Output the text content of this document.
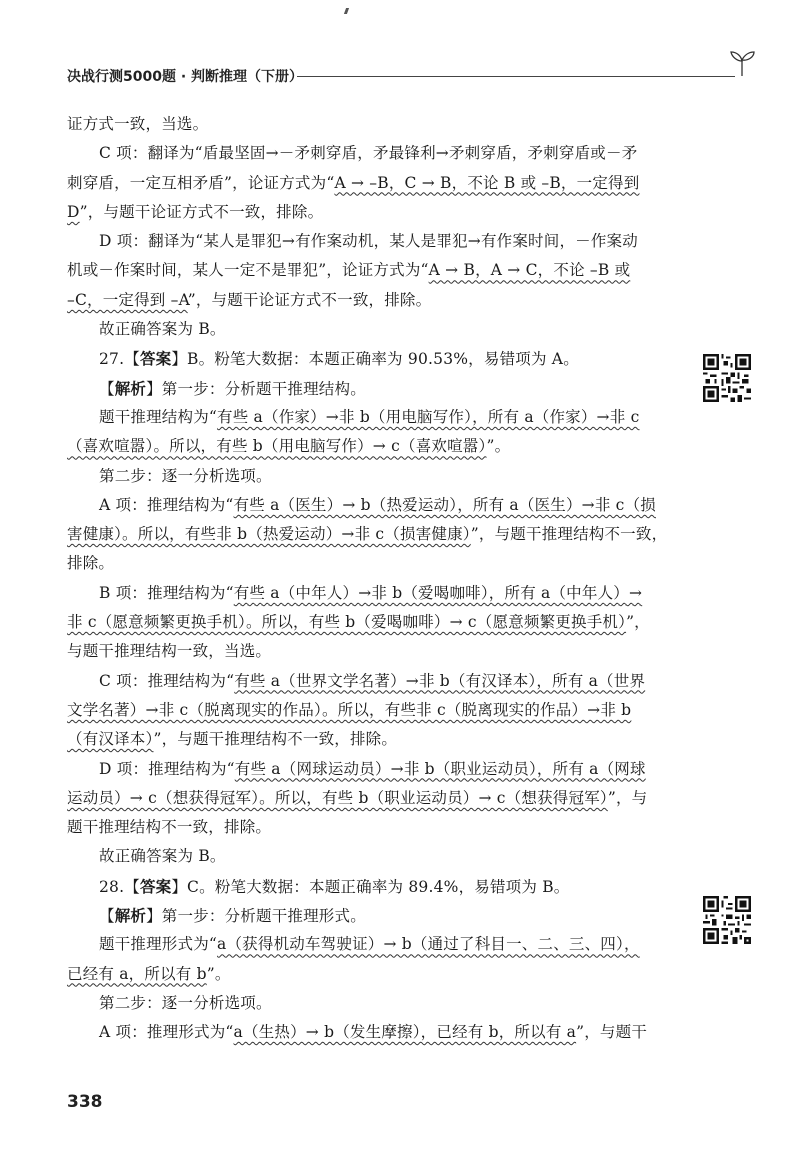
决战行测5000题 · 判断推理（下册）
证方式一致，当选。
C 项：翻译为“盾最坚固→－矛刺穿盾，矛最锋利→矛刺穿盾，矛刺穿盾或－矛
刺穿盾，一定互相矛盾”，论证方式为“A → –B，C → B，不论 B 或 –B，一定得到
D”，与题干论证方式不一致，排除。
D 项：翻译为“某人是罪犯→有作案动机，某人是罪犯→有作案时间，－作案动
机或－作案时间，某人一定不是罪犯”，论证方式为“A → B，A → C，不论 –B 或
–C，一定得到 –A”，与题干论证方式不一致，排除。
故正确答案为 B。
27.【答案】B。粉笔大数据：本题正确率为 90.53%，易错项为 A。
【解析】第一步：分析题干推理结构。
题干推理结构为“有些 a（作家）→非 b（用电脑写作），所有 a（作家）→非 c
（喜欢喧嚣）。所以，有些 b（用电脑写作）→ c（喜欢喧嚣）”。
第二步：逐一分析选项。
A 项：推理结构为“有些 a（医生）→ b（热爱运动），所有 a（医生）→非 c（损
害健康）。所以，有些非 b（热爱运动）→非 c（损害健康）”，与题干推理结构不一致，
排除。
B 项：推理结构为“有些 a（中年人）→非 b（爱喝咖啡），所有 a（中年人）→
非 c（愿意频繁更换手机）。所以，有些 b（爱喝咖啡）→ c（愿意频繁更换手机）”，
与题干推理结构一致，当选。
C 项：推理结构为“有些 a（世界文学名著）→非 b（有汉译本），所有 a（世界
文学名著）→非 c（脱离现实的作品）。所以，有些非 c（脱离现实的作品）→非 b
（有汉译本）”，与题干推理结构不一致，排除。
D 项：推理结构为“有些 a（网球运动员）→非 b（职业运动员），所有 a（网球
运动员）→ c（想获得冠军）。所以，有些 b（职业运动员）→ c（想获得冠军）”，与
题干推理结构不一致，排除。
故正确答案为 B。
28.【答案】C。粉笔大数据：本题正确率为 89.4%，易错项为 B。
【解析】第一步：分析题干推理形式。
题干推理形式为“a（获得机动车驾驶证）→ b（通过了科目一、二、三、四），
已经有 a，所以有 b”。
第二步：逐一分析选项。
A 项：推理形式为“a（生热）→ b（发生摩擦），已经有 b，所以有 a”，与题干
338
